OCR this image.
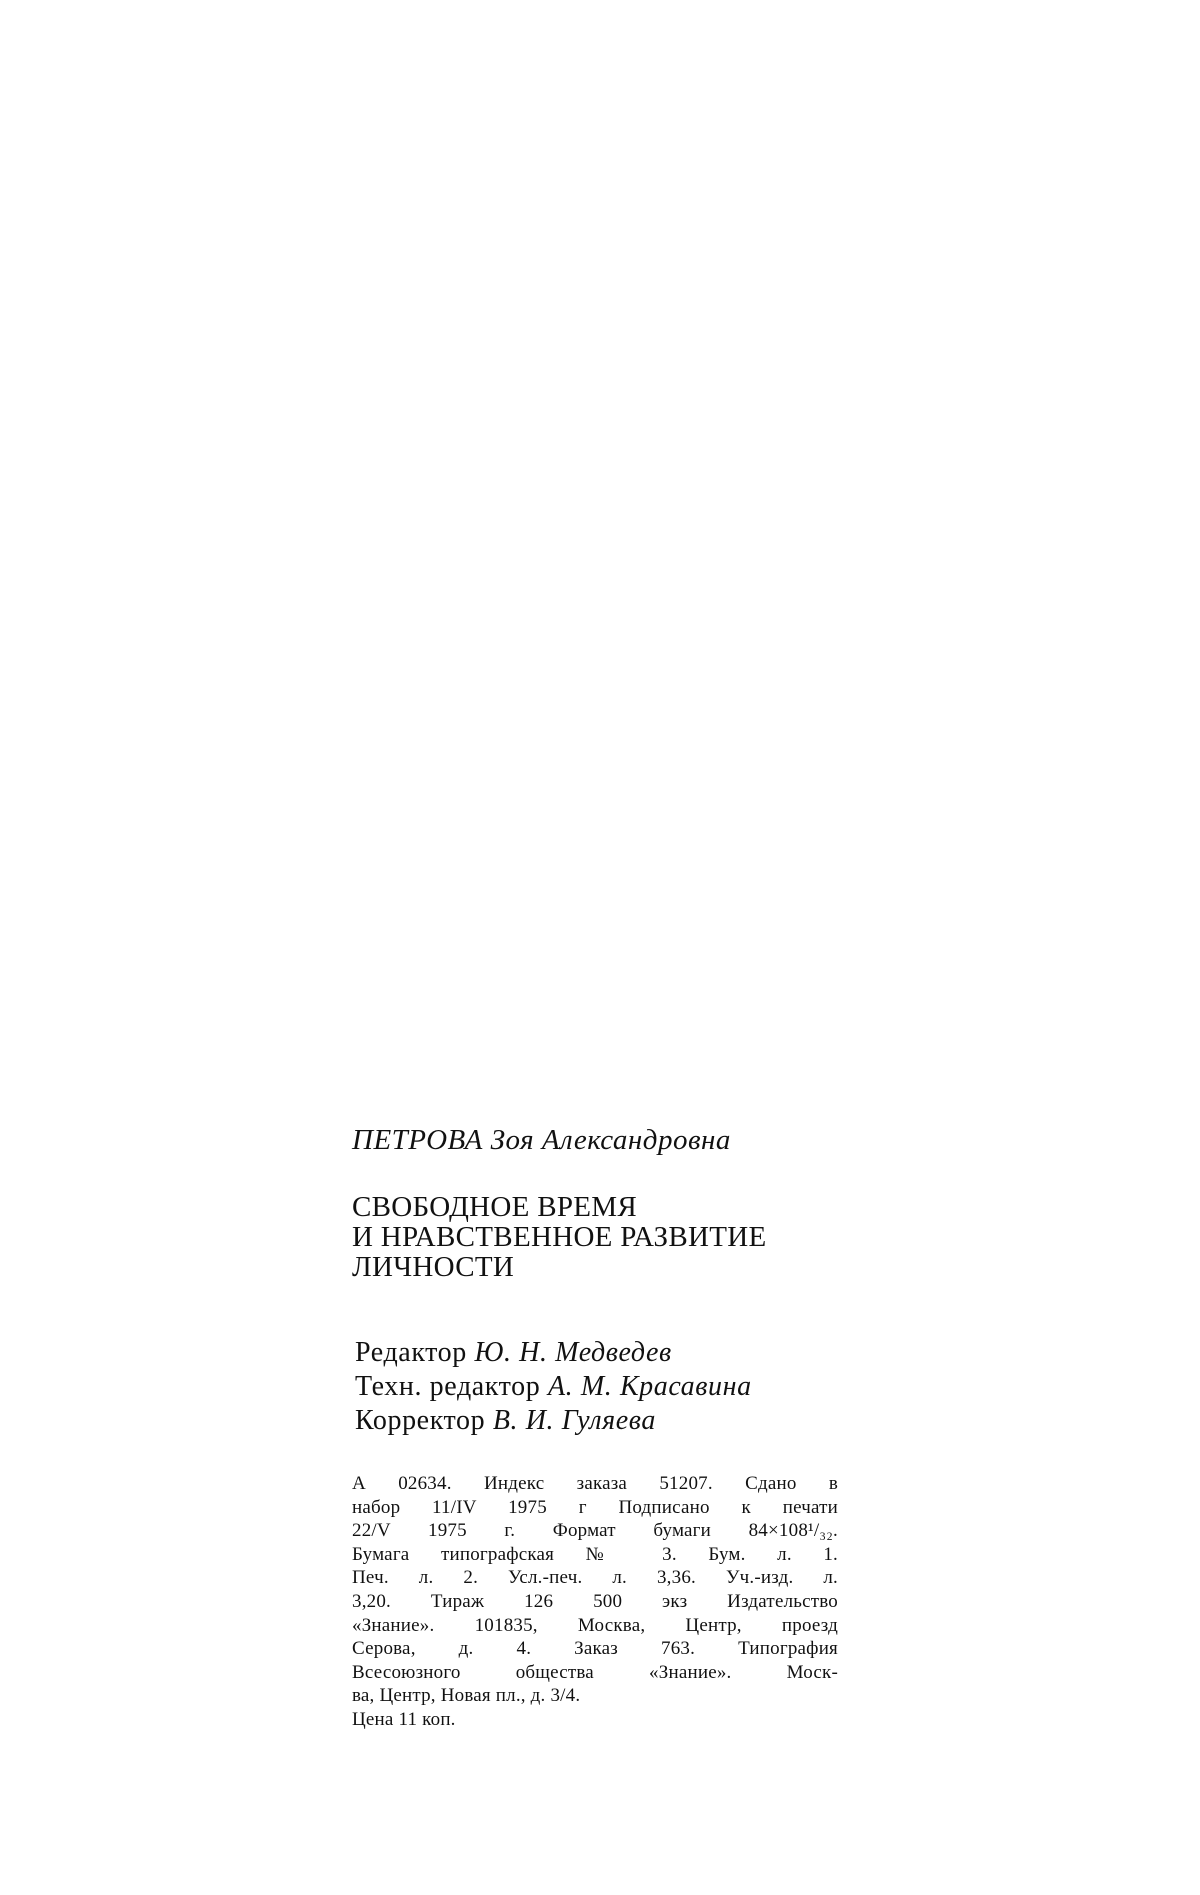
ПЕТРОВА Зоя Александровна
СВОБОДНОЕ ВРЕМЯ
И НРАВСТВЕННОЕ РАЗВИТИЕ
ЛИЧНОСТИ
Редактор Ю. Н. Медведев
Техн. редактор А. М. Красавина
Корректор В. И. Гуляева
А 02634. Индекс заказа 51207. Сдано в
набор 11/IV 1975 г Подписано к печати
22/V 1975 г. Формат бумаги 84×108¹/₃₂.
Бумага типографская № 3. Бум. л. 1.
Печ. л. 2. Усл.-печ. л. 3,36. Уч.-изд. л.
3,20. Тираж 126 500 экз Издательство
«Знание». 101835, Москва, Центр, проезд
Серова, д. 4. Заказ 763. Типография
Всесоюзного общества «Знание». Моск-
ва, Центр, Новая пл., д. 3/4.
Цена 11 коп.
